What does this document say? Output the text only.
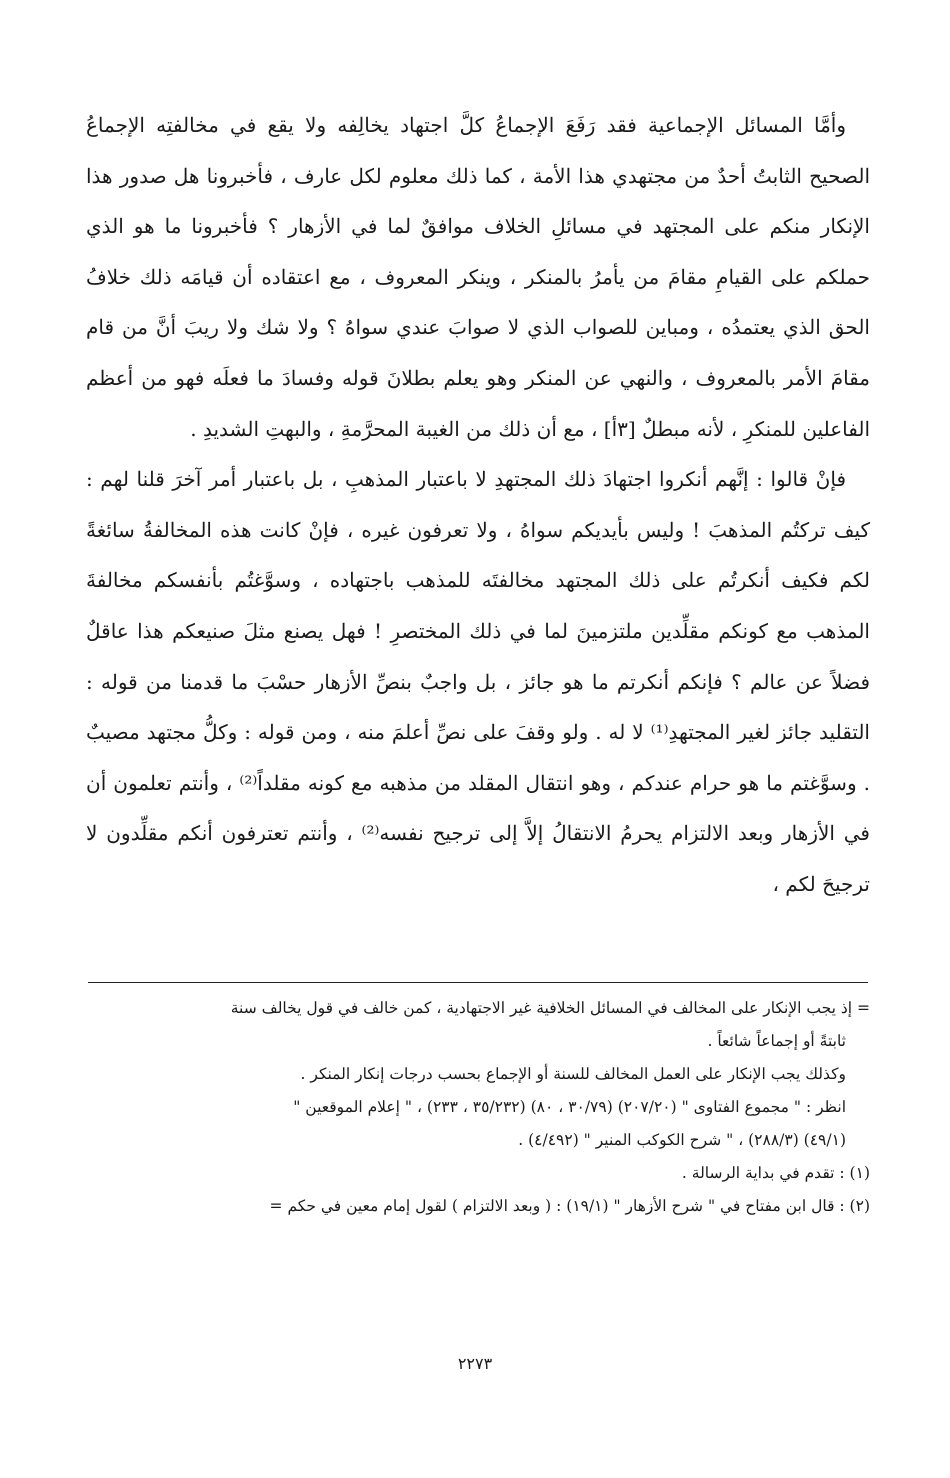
وأمَّا المسائل الإجماعية فقد رَفَعَ الإجماعُ كلَّ اجتهاد يخالِفه ولا يقع في مخالفتِه الإجماعُ الصحيح الثابتُ أحدٌ من مجتهدي هذا الأمة ، كما ذلك معلوم لكل عارف ، فأخبرونا هل صدور هذا الإنكار منكم على المجتهد في مسائلِ الخلاف موافقٌ لما في الأزهار ؟ فأخبرونا ما هو الذي حملكم على القيامِ مقامَ من يأمرُ بالمنكر ، وينكر المعروف ، مع اعتقاده أن قيامَه ذلك خلافُ الحق الذي يعتمدُه ، ومباين للصواب الذي لا صوابَ عندي سواهُ ؟ ولا شك ولا ريبَ أنَّ من قام مقامَ الأمر بالمعروف ، والنهي عن المنكر وهو يعلم بطلانَ قوله وفسادَ ما فعلَه فهو من أعظم الفاعلين للمنكرِ ، لأنه مبطلٌ [٣أ] ، مع أن ذلك من الغيبة المحرَّمةِ ، والبهتِ الشديدِ .

فإنْ قالوا : إنَّهم أنكروا اجتهادَ ذلك المجتهدِ لا باعتبار المذهبِ ، بل باعتبار أمر آخرَ قلنا لهم : كيف تركتُم المذهبَ ! وليس بأيديكم سواهُ ، ولا تعرفون غيره ، فإنْ كانت هذه المخالفةُ سائغةً لكم فكيف أنكرتُم على ذلك المجتهد مخالفتَه للمذهب باجتهاده ، وسوَّغتُم بأنفسكم مخالفةَ المذهب مع كونكم مقلِّدين ملتزمينَ لما في ذلك المختصرِ ! فهل يصنع مثلَ صنيعكم هذا عاقلٌ فضلاً عن عالم ؟ فإنكم أنكرتم ما هو جائز ، بل واجبٌ بنصِّ الأزهار حسْبَ ما قدمنا من قوله : التقليد جائز لغير المجتهدِ⁽¹⁾ لا له . ولو وقفَ على نصِّ أعلمَ منه ، ومن قوله : وكلُّ مجتهد مصيبٌ . وسوَّغتم ما هو حرام عندكم ، وهو انتقال المقلد من مذهبه مع كونه مقلداً⁽²⁾ ، وأنتم تعلمون أن في الأزهار وبعد الالتزام يحرمُ الانتقالُ إلاَّ إلى ترجيح نفسه⁽²⁾ ، وأنتم تعترفون أنكم مقلِّدون لا ترجيحَ لكم ،

= إذ يجب الإنكار على المخالف في المسائل الخلافية غير الاجتهادية ، كمن خالف في قول يخالف سنة

ثابتةً أو إجماعاً شائعاً .

وكذلك يجب الإنكار على العمل المخالف للسنة أو الإجماع بحسب درجات إنكار المنكر .

انظر : " مجموع الفتاوى " (٢٠٧/٢٠) (٣٠/٧٩ ، ٨٠) (٣٥/٢٣٢ ، ٢٣٣) ، " إعلام الموقعين "

(٤٩/١) (٢٨٨/٣) ، " شرح الكوكب المنير " (٤/٤٩٢) .

(١) : تقدم في بداية الرسالة .

(٢) : قال ابن مفتاح في " شرح الأزهار " (١٩/١) : ( وبعد الالتزام ) لقول إمام معين في حكم =

٢٢٧٣
